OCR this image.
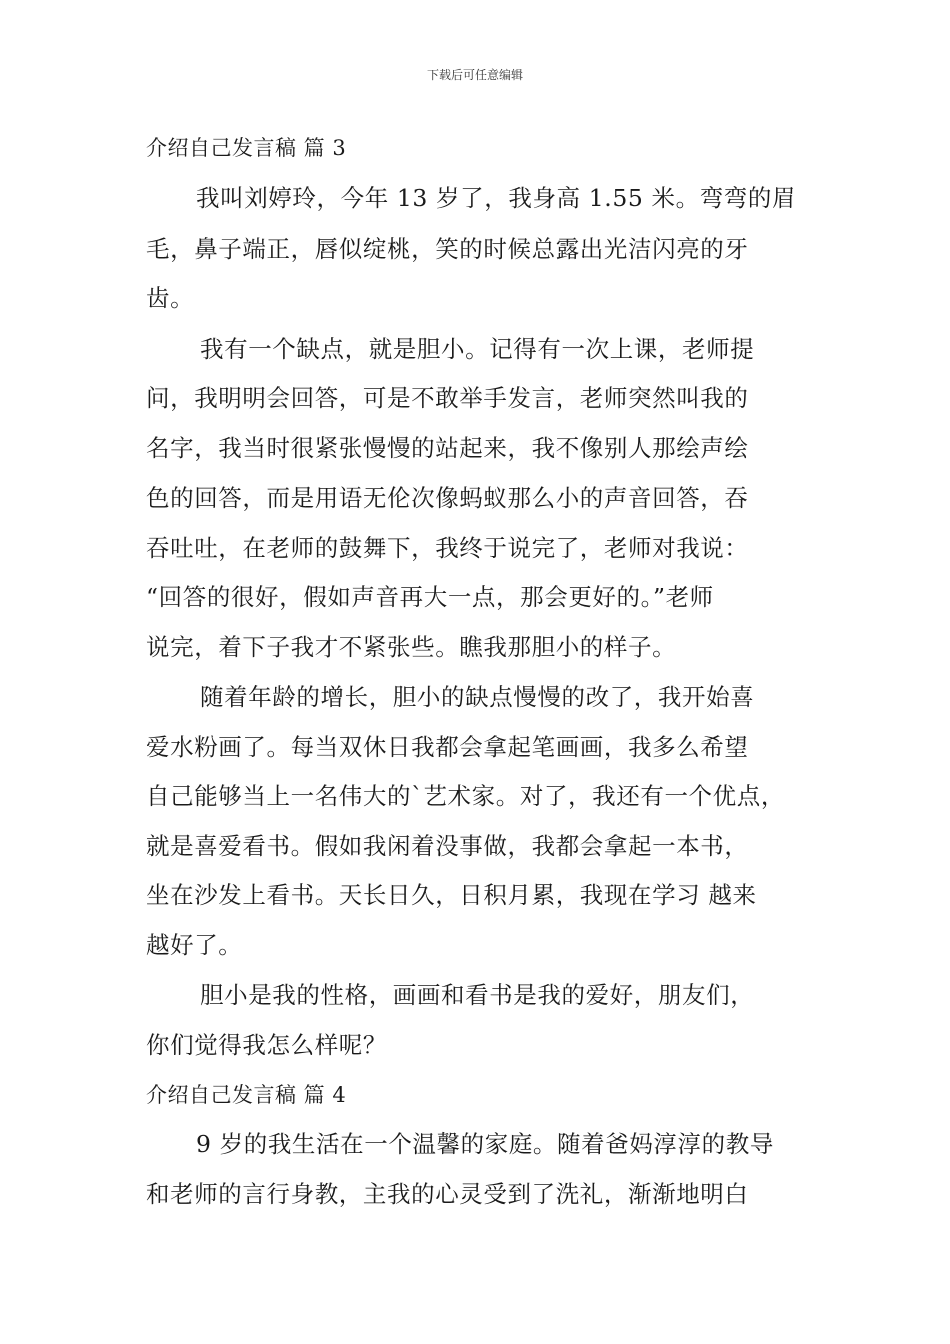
下载后可任意编辑
介绍自己发言稿 篇 3
我叫刘婷玲，今年 13 岁了，我身高 1.55 米。弯弯的眉
毛，鼻子端正，唇似绽桃，笑的时候总露出光洁闪亮的牙
齿。
我有一个缺点，就是胆小。记得有一次上课，老师提
问，我明明会回答，可是不敢举手发言，老师突然叫我的
名字，我当时很紧张慢慢的站起来，我不像别人那绘声绘
色的回答，而是用语无伦次像蚂蚁那么小的声音回答，吞
吞吐吐，在老师的鼓舞下，我终于说完了，老师对我说：
“回答的很好，假如声音再大一点，那会更好的。”老师
说完，着下子我才不紧张些。瞧我那胆小的样子。
随着年龄的增长，胆小的缺点慢慢的改了，我开始喜
爱水粉画了。每当双休日我都会拿起笔画画，我多么希望
自己能够当上一名伟大的`艺术家。对了，我还有一个优点，
就是喜爱看书。假如我闲着没事做，我都会拿起一本书，
坐在沙发上看书。天长日久，日积月累，我现在学习 越来
越好了。
胆小是我的性格，画画和看书是我的爱好，朋友们，
你们觉得我怎么样呢？
介绍自己发言稿 篇 4
9 岁的我生活在一个温馨的家庭。随着爸妈淳淳的教导
和老师的言行身教，主我的心灵受到了洗礼，渐渐地明白
